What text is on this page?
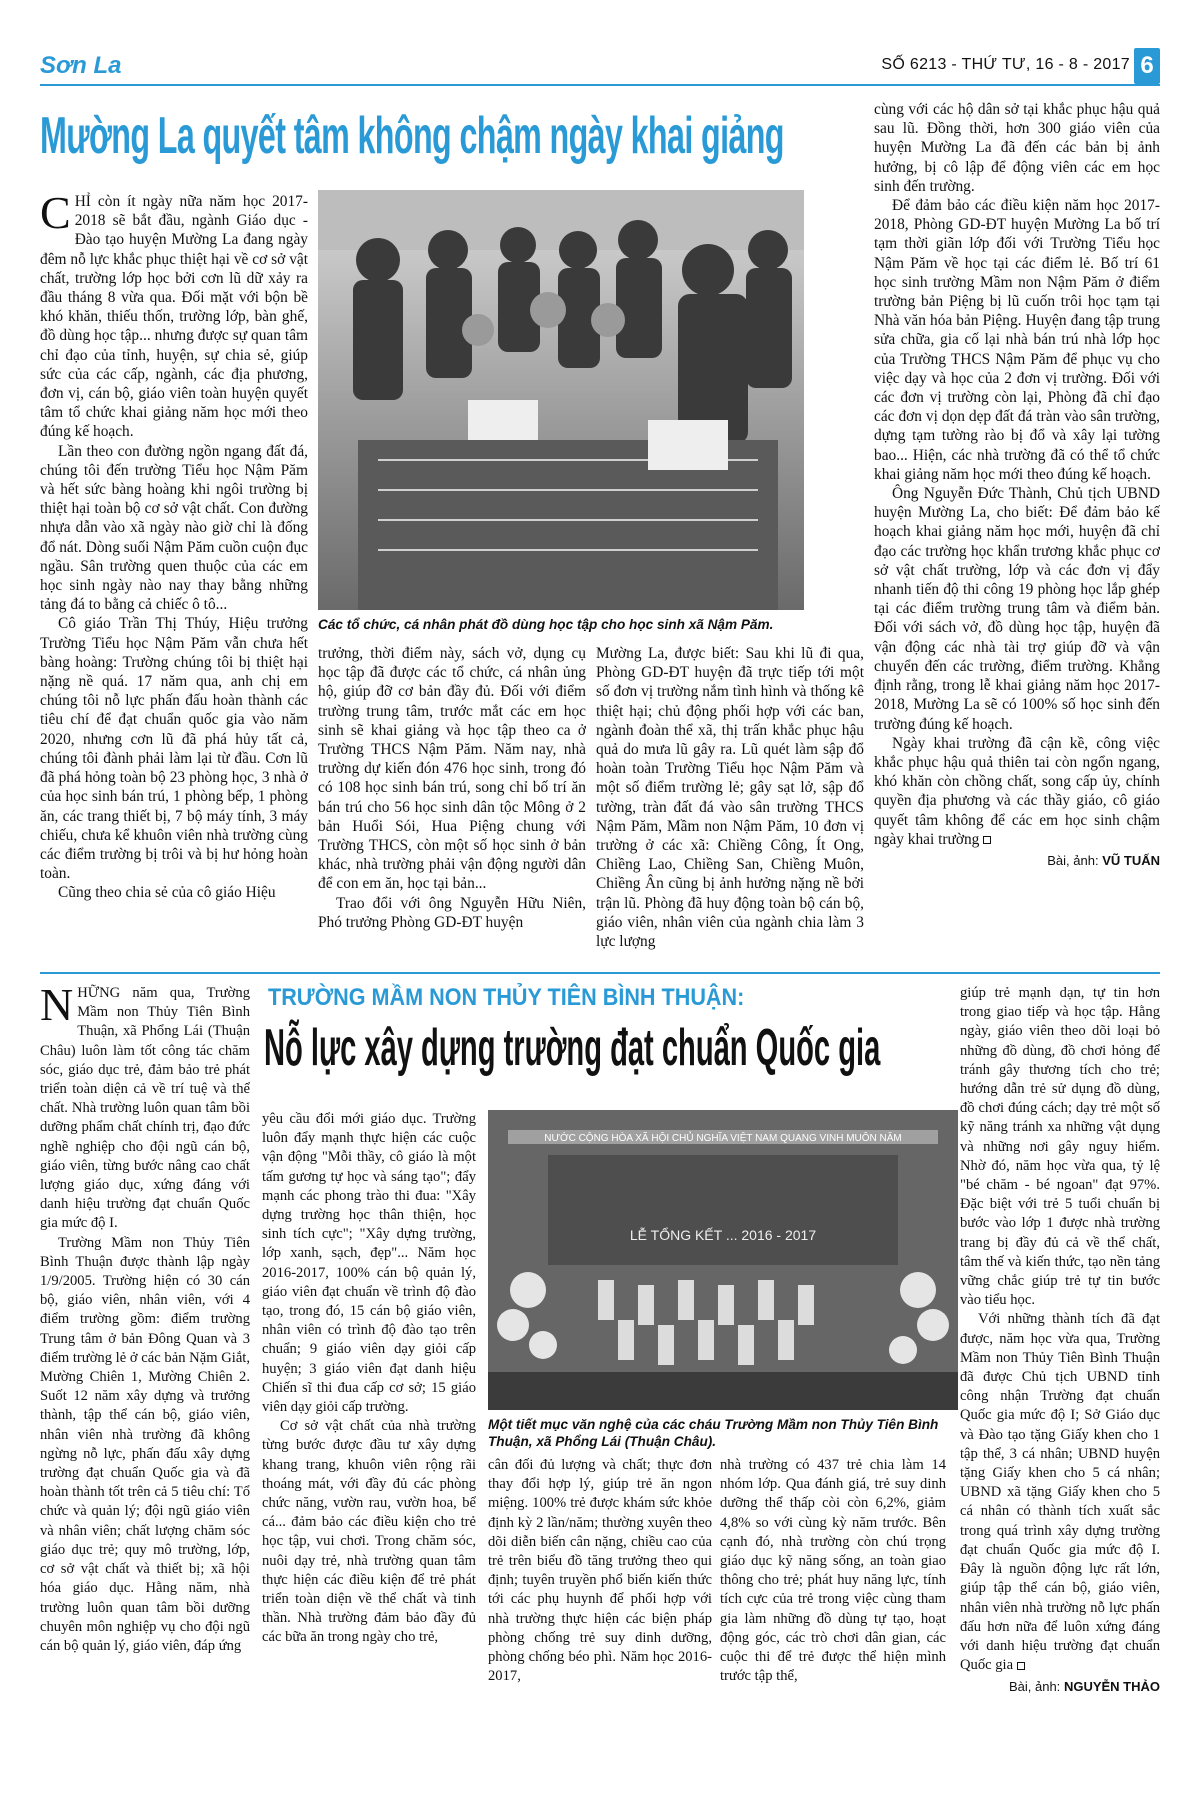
Sơn La	SỐ 6213 - THỨ TƯ, 16 - 8 - 2017 6
Mường La quyết tâm không chậm ngày khai giảng
Các tổ chức, cá nhân phát đồ dùng học tập cho học sinh xã Nậm Păm.

CHỈ còn ít ngày nữa năm học 2017-2018 sẽ bắt đầu, ngành Giáo dục - Đào tạo huyện Mường La đang ngày đêm nỗ lực khắc phục thiệt hại về cơ sở vật chất, trường lớp học bởi cơn lũ dữ xảy ra đầu tháng 8 vừa qua. Đối mặt với bộn bề khó khăn, thiếu thốn, trường lớp, bàn ghế, đồ dùng học tập... nhưng được sự quan tâm chỉ đạo của tỉnh, huyện, sự chia sẻ, giúp sức của các cấp, ngành, các địa phương, đơn vị, cán bộ, giáo viên toàn huyện quyết tâm tổ chức khai giảng năm học mới theo đúng kế hoạch.

Lần theo con đường ngồn ngang đất đá, chúng tôi đến trường Tiểu học Nậm Păm và hết sức bàng hoàng khi ngôi trường bị thiệt hại toàn bộ cơ sở vật chất. Con đường nhựa dẫn vào xã ngày nào giờ chỉ là đống đổ nát. Dòng suối Nậm Păm cuồn cuộn đục ngầu. Sân trường quen thuộc của các em học sinh ngày nào nay thay bằng những tảng đá to bằng cả chiếc ô tô...

Cô giáo Trần Thị Thúy, Hiệu trưởng Trường Tiểu học Nậm Păm vẫn chưa hết bàng hoàng: Trường chúng tôi bị thiệt hại nặng nề quá. 17 năm qua, anh chị em chúng tôi nỗ lực phấn đấu hoàn thành các tiêu chí để đạt chuẩn quốc gia vào năm 2020, nhưng cơn lũ đã phá hủy tất cả, chúng tôi đành phải làm lại từ đầu. Cơn lũ đã phá hỏng toàn bộ 23 phòng học, 3 nhà ở của học sinh bán trú, 1 phòng bếp, 1 phòng ăn, các trang thiết bị, 7 bộ máy tính, 3 máy chiếu, chưa kể khuôn viên nhà trường cùng các điểm trường bị trôi và bị hư hỏng hoàn toàn.

Cũng theo chia sẻ của cô giáo Hiệu

trưởng, thời điểm này, sách vở, dụng cụ học tập đã được các tổ chức, cá nhân ủng hộ, giúp đỡ cơ bản đầy đủ. Đối với điểm trường trung tâm, trước mắt các em học sinh sẽ khai giảng và học tập theo ca ở Trường THCS Nậm Păm. Năm nay, nhà trường dự kiến đón 476 học sinh, trong đó có 108 học sinh bán trú, song chỉ bố trí ăn bán trú cho 56 học sinh dân tộc Mông ở 2 bản Huổi Sói, Hua Piệng chung với Trường THCS, còn một số học sinh ở bản khác, nhà trường phải vận động người dân để con em ăn, học tại bản...

Trao đổi với ông Nguyễn Hữu Niên, Phó trưởng Phòng GD-ĐT huyện

Mường La, được biết: Sau khi lũ đi qua, Phòng GD-ĐT huyện đã trực tiếp tới một số đơn vị trường nắm tình hình và thống kê thiệt hại; chủ động phối hợp với các ban, ngành đoàn thể xã, thị trấn khắc phục hậu quả do mưa lũ gây ra. Lũ quét làm sập đổ hoàn toàn Trường Tiểu học Nậm Păm và một số điểm trường lẻ; gây sạt lở, sập đổ tường, tràn đất đá vào sân trường THCS Nậm Păm, Mầm non Nậm Păm, 10 đơn vị trường ở các xã: Chiềng Công, Ít Ong, Chiềng Lao, Chiềng San, Chiềng Muôn, Chiềng Ân cũng bị ảnh hưởng nặng nề bởi trận lũ. Phòng đã huy động toàn bộ cán bộ, giáo viên, nhân viên của ngành chia làm 3 lực lượng

cùng với các hộ dân sở tại khắc phục hậu quả sau lũ. Đồng thời, hơn 300 giáo viên của huyện Mường La đã đến các bản bị ảnh hưởng, bị cô lập để động viên các em học sinh đến trường.

Để đảm bảo các điều kiện năm học 2017-2018, Phòng GD-ĐT huyện Mường La bố trí tạm thời giãn lớp đối với Trường Tiểu học Nậm Păm về học tại các điểm lẻ. Bố trí 61 học sinh trường Mầm non Nậm Păm ở điểm trường bản Piệng bị lũ cuốn trôi học tạm tại Nhà văn hóa bản Piệng. Huyện đang tập trung sửa chữa, gia cố lại nhà bán trú nhà lớp học của Trường THCS Nậm Păm để phục vụ cho việc dạy và học của 2 đơn vị trường. Đối với các đơn vị trường còn lại, Phòng đã chỉ đạo các đơn vị dọn dẹp đất đá tràn vào sân trường, dựng tạm tường rào bị đổ và xây lại tường bao... Hiện, các nhà trường đã có thể tổ chức khai giảng năm học mới theo đúng kế hoạch.

Ông Nguyễn Đức Thành, Chủ tịch UBND huyện Mường La, cho biết: Để đảm bảo kế hoạch khai giảng năm học mới, huyện đã chỉ đạo các trường học khẩn trương khắc phục cơ sở vật chất trường, lớp và các đơn vị đẩy nhanh tiến độ thi công 19 phòng học lắp ghép tại các điểm trường trung tâm và điểm bản. Đối với sách vở, đồ dùng học tập, huyện đã vận động các nhà tài trợ giúp đỡ và vận chuyển đến các trường, điểm trường. Khẳng định rằng, trong lễ khai giảng năm học 2017-2018, Mường La sẽ có 100% số học sinh đến trường đúng kế hoạch.

Ngày khai trường đã cận kề, công việc khắc phục hậu quả thiên tai còn ngổn ngang, khó khăn còn chồng chất, song cấp ủy, chính quyền địa phương và các thầy giáo, cô giáo quyết tâm không để các em học sinh chậm ngày khai trường

Bài, ảnh: VŨ TUẤN
TRƯỜNG MẦM NON THỦY TIÊN BÌNH THUẬN:
Nỗ lực xây dựng trường đạt chuẩn Quốc gia
NƯỚC CỘNG HÒA XÃ HỘI CHỦ NGHĨA VIỆT NAM QUANG VINH MUÔN NĂM
LỄ TỔNG KẾT ... 2016 - 2017
Một tiết mục văn nghệ của các cháu Trường Mầm non Thủy Tiên Bình Thuận, xã Phổng Lái (Thuận Châu).

NHỮNG năm qua, Trường Mầm non Thủy Tiên Bình Thuận, xã Phổng Lái (Thuận Châu) luôn làm tốt công tác chăm sóc, giáo dục trẻ, đảm bảo trẻ phát triển toàn diện cả về trí tuệ và thể chất. Nhà trường luôn quan tâm bồi dưỡng phẩm chất chính trị, đạo đức nghề nghiệp cho đội ngũ cán bộ, giáo viên, từng bước nâng cao chất lượng giáo dục, xứng đáng với danh hiệu trường đạt chuẩn Quốc gia mức độ I.

Trường Mầm non Thủy Tiên Bình Thuận được thành lập ngày 1/9/2005. Trường hiện có 30 cán bộ, giáo viên, nhân viên, với 4 điểm trường gồm: điểm trường Trung tâm ở bản Đông Quan và 3 điểm trường lẻ ở các bản Nặm Giắt, Mường Chiên 1, Mường Chiên 2. Suốt 12 năm xây dựng và trưởng thành, tập thể cán bộ, giáo viên, nhân viên nhà trường đã không ngừng nỗ lực, phấn đấu xây dựng trường đạt chuẩn Quốc gia và đã hoàn thành tốt trên cả 5 tiêu chí: Tổ chức và quản lý; đội ngũ giáo viên và nhân viên; chất lượng chăm sóc giáo dục trẻ; quy mô trường, lớp, cơ sở vật chất và thiết bị; xã hội hóa giáo dục. Hằng năm, nhà trường luôn quan tâm bồi dưỡng chuyên môn nghiệp vụ cho đội ngũ cán bộ quản lý, giáo viên, đáp ứng

yêu cầu đổi mới giáo dục. Trường luôn đẩy mạnh thực hiện các cuộc vận động "Mỗi thầy, cô giáo là một tấm gương tự học và sáng tạo"; đẩy mạnh các phong trào thi đua: "Xây dựng trường học thân thiện, học sinh tích cực"; "Xây dựng trường, lớp xanh, sạch, đẹp"... Năm học 2016-2017, 100% cán bộ quản lý, giáo viên đạt chuẩn về trình độ đào tạo, trong đó, 15 cán bộ giáo viên, nhân viên có trình độ đào tạo trên chuẩn; 9 giáo viên dạy giỏi cấp huyện; 3 giáo viên đạt danh hiệu Chiến sĩ thi đua cấp cơ sở; 15 giáo viên dạy giỏi cấp trường.

Cơ sở vật chất của nhà trường từng bước được đầu tư xây dựng khang trang, khuôn viên rộng rãi thoáng mát, với đầy đủ các phòng chức năng, vườn rau, vườn hoa, bể cá... đảm bảo các điều kiện cho trẻ học tập, vui chơi. Trong chăm sóc, nuôi dạy trẻ, nhà trường quan tâm thực hiện các điều kiện để trẻ phát triển toàn diện về thể chất và tinh thần. Nhà trường đảm bảo đầy đủ các bữa ăn trong ngày cho trẻ,

cân đối đủ lượng và chất; thực đơn thay đổi hợp lý, giúp trẻ ăn ngon miệng. 100% trẻ được khám sức khỏe định kỳ 2 lần/năm; thường xuyên theo dõi diễn biến cân nặng, chiều cao của trẻ trên biểu đồ tăng trưởng theo qui định; tuyên truyền phổ biến kiến thức tới các phụ huynh để phối hợp với nhà trường thực hiện các biện pháp phòng chống trẻ suy dinh dưỡng, phòng chống béo phì. Năm học 2016-2017,

nhà trường có 437 trẻ chia làm 14 nhóm lớp. Qua đánh giá, trẻ suy dinh dưỡng thể thấp còi còn 6,2%, giảm 4,8% so với cùng kỳ năm trước. Bên cạnh đó, nhà trường còn chú trọng giáo dục kỹ năng sống, an toàn giao thông cho trẻ; phát huy năng lực, tính tích cực của trẻ trong việc cùng tham gia làm những đồ dùng tự tạo, hoạt động góc, các trò chơi dân gian, các cuộc thi để trẻ được thể hiện mình trước tập thể,

giúp trẻ mạnh dạn, tự tin hơn trong giao tiếp và học tập. Hằng ngày, giáo viên theo dõi loại bỏ những đồ dùng, đồ chơi hỏng để tránh gây thương tích cho trẻ; hướng dẫn trẻ sử dụng đồ dùng, đồ chơi đúng cách; dạy trẻ một số kỹ năng tránh xa những vật dụng và những nơi gây nguy hiểm. Nhờ đó, năm học vừa qua, tỷ lệ "bé chăm - bé ngoan" đạt 97%. Đặc biệt với trẻ 5 tuổi chuẩn bị bước vào lớp 1 được nhà trường trang bị đầy đủ cả về thể chất, tâm thế và kiến thức, tạo nền tảng vững chắc giúp trẻ tự tin bước vào tiểu học.

Với những thành tích đã đạt được, năm học vừa qua, Trường Mầm non Thủy Tiên Bình Thuận đã được Chủ tịch UBND tỉnh công nhận Trường đạt chuẩn Quốc gia mức độ I; Sở Giáo dục và Đào tạo tặng Giấy khen cho 1 tập thể, 3 cá nhân; UBND huyện tặng Giấy khen cho 5 cá nhân; UBND xã tặng Giấy khen cho 5 cá nhân có thành tích xuất sắc trong quá trình xây dựng trường đạt chuẩn Quốc gia mức độ I. Đây là nguồn động lực rất lớn, giúp tập thể cán bộ, giáo viên, nhân viên nhà trường nỗ lực phấn đấu hơn nữa để luôn xứng đáng với danh hiệu trường đạt chuẩn Quốc gia

Bài, ảnh: NGUYỄN THẢO
